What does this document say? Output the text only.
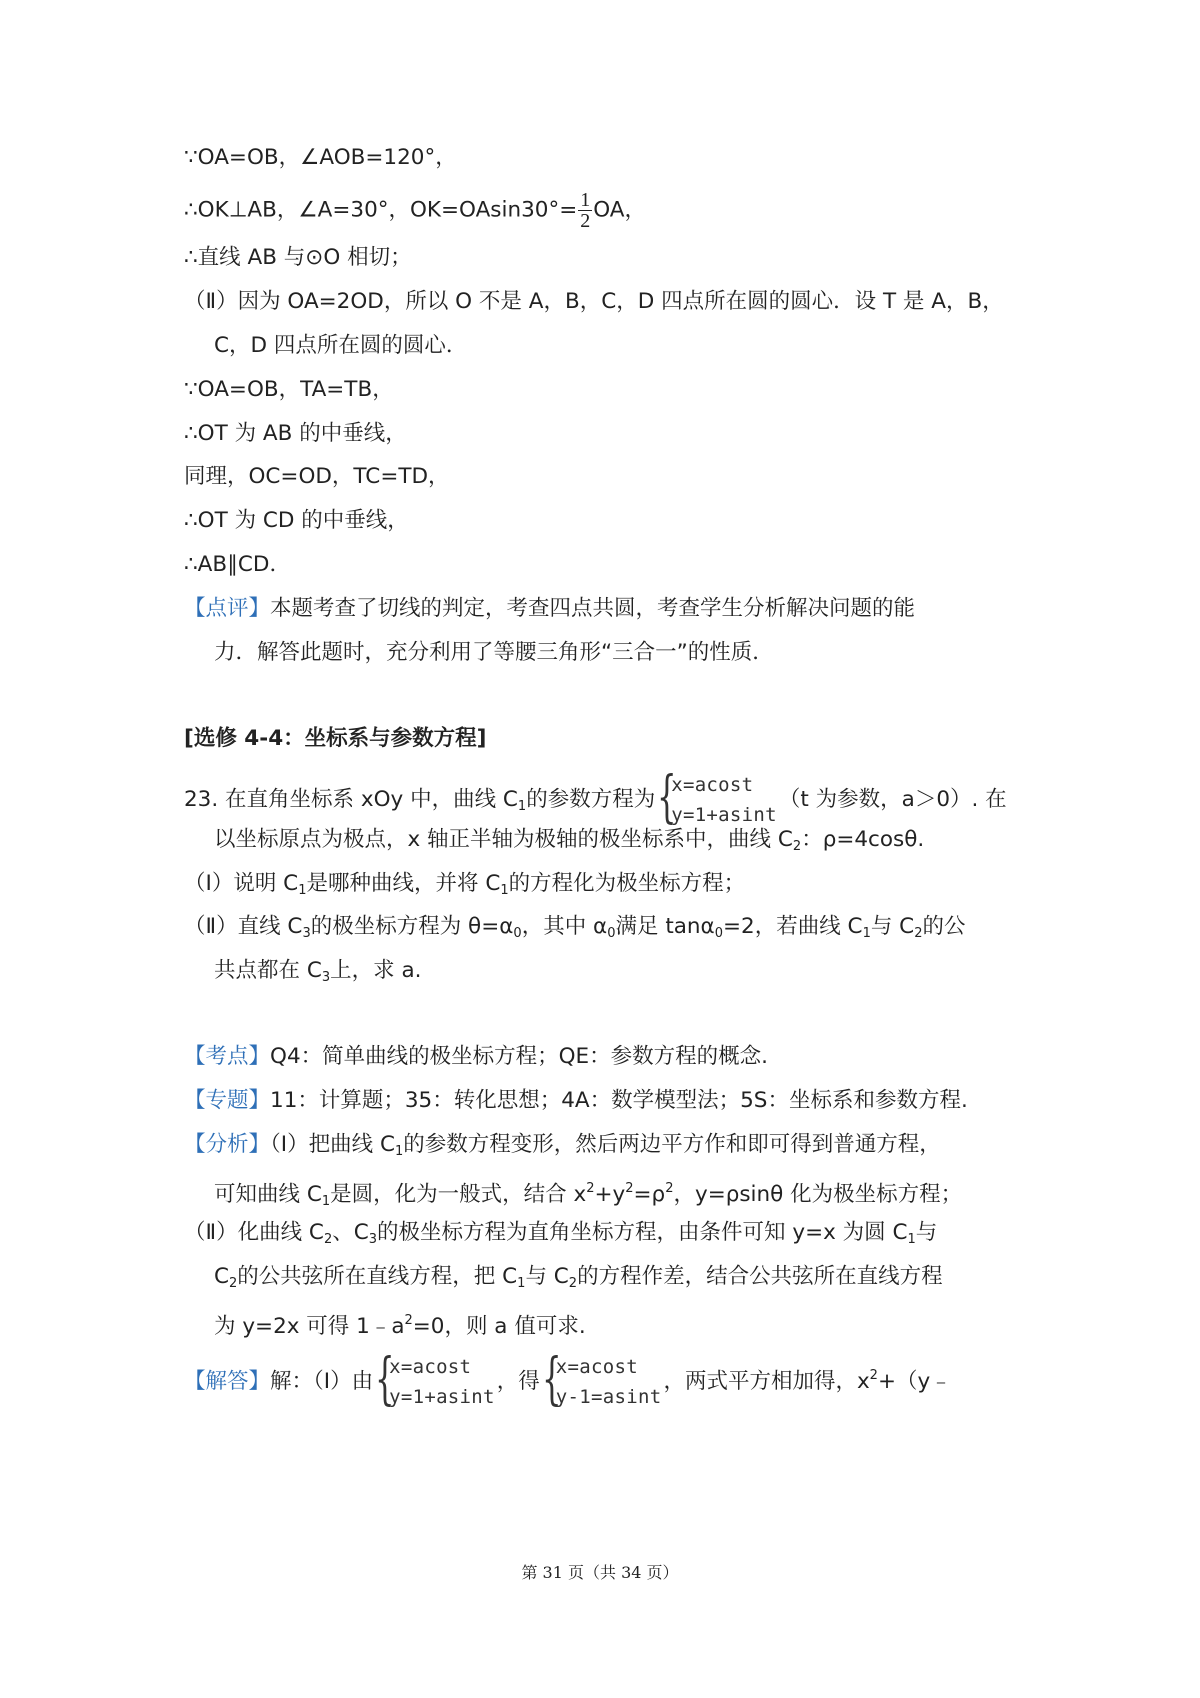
∵OA=OB，∠AOB=120°，
∴OK⊥AB，∠A=30°，$OK=OAsin30^\circ= \frac{1}{2}$ OA，
∴直线 AB 与⊙O 相切；
（Ⅱ）因为 OA=2OD，所以 O 不是 A，B，C，D 四点所在圆的圆心．设 T 是 A，B，
C，D 四点所在圆的圆心．
∵OA=OB，TA=TB，
∴OT 为 AB 的中垂线，
同理，OC=OD，TC=TD，
∴OT 为 CD 的中垂线，
∴AB∥CD．
【点评】本题考查了切线的判定，考查四点共圆，考查学生分析解决问题的能
力．解答此题时，充分利用了等腰三角形“三合一”的性质．
[选修 4-4：坐标系与参数方程]
23. 在直角坐标系 xOy 中，曲线 $C_1$的参数方程为 {
x=acost
y=1+asint
（t 为参数，a＞0）. 在
以坐标原点为极点，x 轴正半轴为极轴的极坐标系中，曲线 $C_2$：ρ=4cosθ.
（Ⅰ）说明 $C_1$是哪种曲线，并将 $C_1$的方程化为极坐标方程；
（Ⅱ）直线 $C_3$的极坐标方程为 $\theta=\alpha_0$，其中 $\alpha_0$满足 tanα$_0$=2，若曲线 $C_1$与 $C_2$的公
共点都在 $C_3$上，求 a.
【考点】Q4：简单曲线的极坐标方程；QE：参数方程的概念.
【专题】11：计算题；35：转化思想；4A：数学模型法；5S：坐标系和参数方程.
【分析】（Ⅰ）把曲线 $C_1$的参数方程变形，然后两边平方作和即可得到普通方程，
可知曲线 $C_1$是圆，化为一般式，结合 $x^2+y^2=\rho^2$，y=ρsinθ 化为极坐标方程；
（Ⅱ）化曲线 $C_2$、$C_3$的极坐标方程为直角坐标方程，由条件可知 y=x 为圆 $C_1$与
$C_2$的公共弦所在直线方程，把 $C_1$与 $C_2$的方程作差，结合公共弦所在直线方程
为 y=2x 可得 $1﹣a^2=0$，则 a 值可求.
【解答】解：（Ⅰ）由 {
x=acost
y=1+asint
，得 {
x=acost
y-1=asint
，两式平方相加得，$x^2+(y﹣$
第 31 页（共 34 页）
